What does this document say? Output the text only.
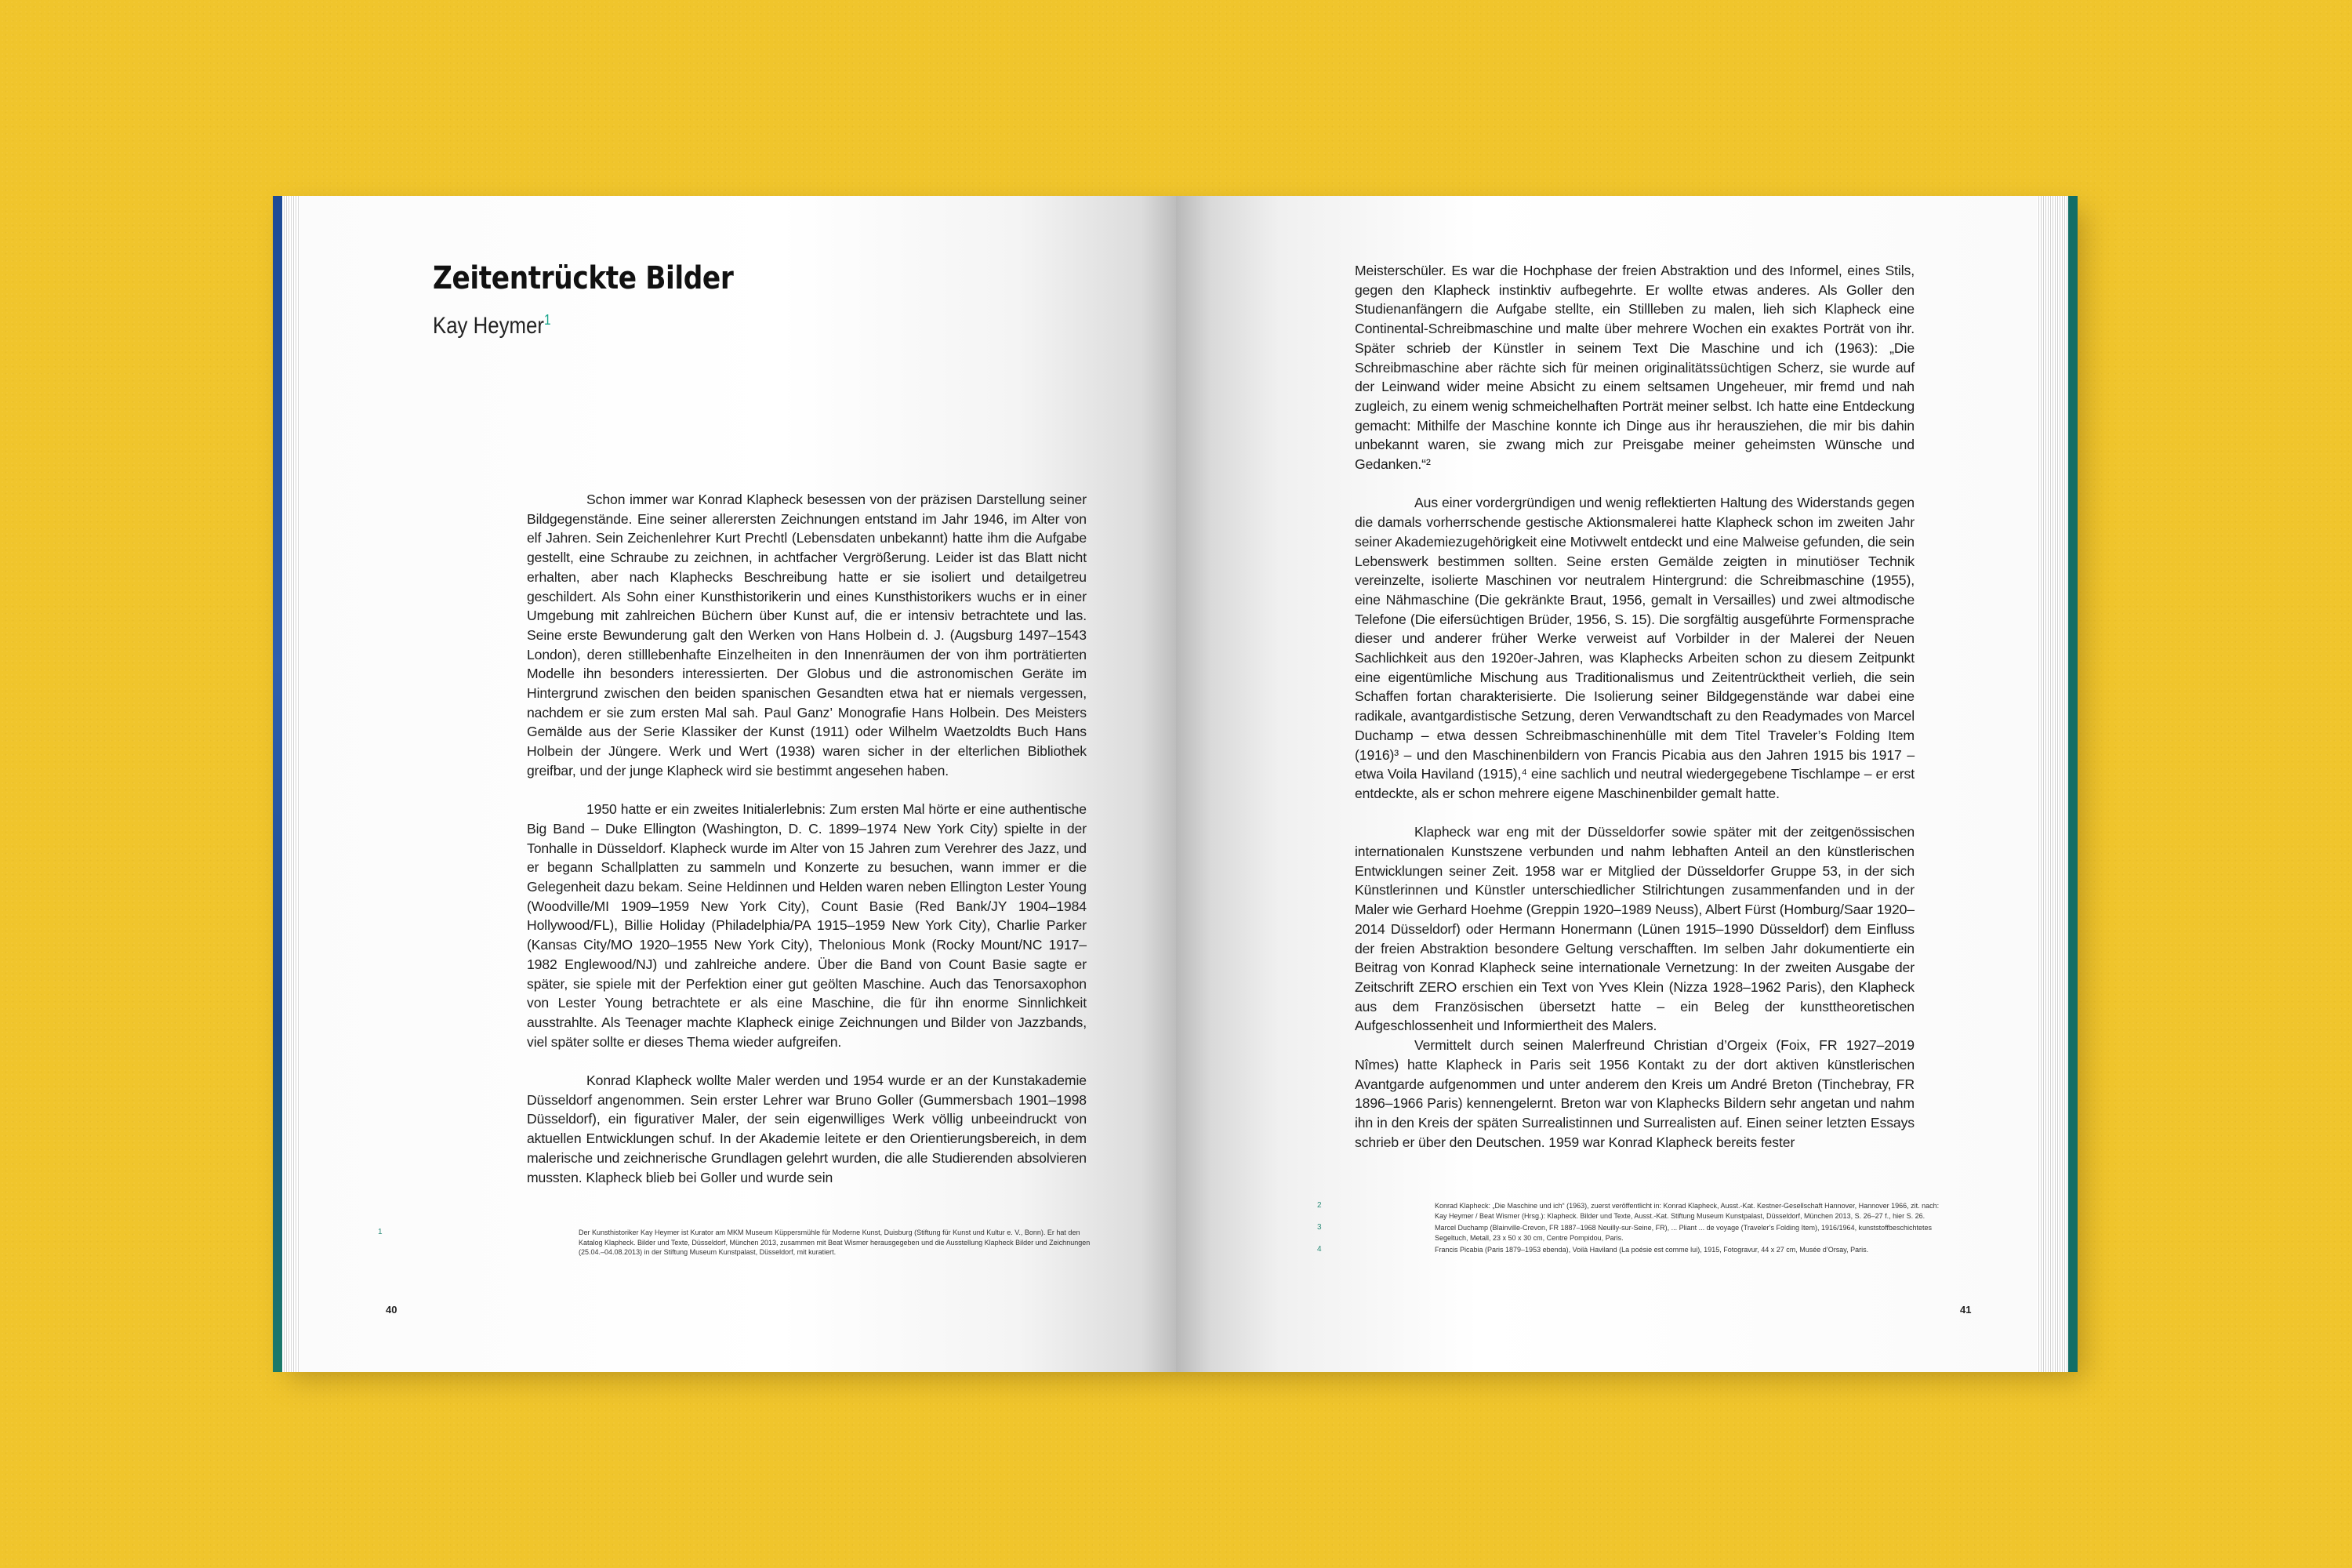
Zeitentrückte Bilder
Kay Heymer$^1$

Schon immer war Konrad Klapheck besessen von der präzisen Darstellung seiner Bildgegenstände. Eine seiner allerersten Zeichnungen entstand im Jahr 1946, im Alter von elf Jahren. Sein Zeichenlehrer Kurt Prechtl (Lebensdaten unbekannt) hatte ihm die Aufgabe gestellt, eine Schraube zu zeichnen, in achtfacher Vergrößerung. Leider ist das Blatt nicht erhalten, aber nach Klaphecks Beschreibung hatte er sie isoliert und detailgetreu geschildert. Als Sohn einer Kunsthistorikerin und eines Kunsthistorikers wuchs er in einer Umgebung mit zahlreichen Büchern über Kunst auf, die er intensiv betrachtete und las. Seine erste Bewunderung galt den Werken von Hans Holbein d. J. (Augsburg 1497–1543 London), deren stilllebenhafte Einzelheiten in den Innenräumen der von ihm porträtierten Modelle ihn besonders interessierten. Der Globus und die astronomischen Geräte im Hintergrund zwischen den beiden spanischen Gesandten etwa hat er niemals vergessen, nachdem er sie zum ersten Mal sah. Paul Ganz’ Monografie Hans Holbein. Des Meisters Gemälde aus der Serie Klassiker der Kunst (1911) oder Wilhelm Waetzoldts Buch Hans Holbein der Jüngere. Werk und Wert (1938) waren sicher in der elterlichen Bibliothek greifbar, und der junge Klapheck wird sie bestimmt angesehen haben.

1950 hatte er ein zweites Initialerlebnis: Zum ersten Mal hörte er eine authentische Big Band – Duke Ellington (Washington, D. C. 1899–1974 New York City) spielte in der Tonhalle in Düsseldorf. Klapheck wurde im Alter von 15 Jahren zum Verehrer des Jazz, und er begann Schallplatten zu sammeln und Konzerte zu besuchen, wann immer er die Gelegenheit dazu bekam. Seine Heldinnen und Helden waren neben Ellington Lester Young (Woodville/MI 1909–1959 New York City), Count Basie (Red Bank/JY 1904–1984 Hollywood/FL), Billie Holiday (Philadelphia/PA 1915–1959 New York City), Charlie Parker (Kansas City/MO 1920–1955 New York City), Thelonious Monk (Rocky Mount/NC 1917–1982 Englewood/NJ) und zahlreiche andere. Über die Band von Count Basie sagte er später, sie spiele mit der Perfektion einer gut geölten Maschine. Auch das Tenorsaxophon von Lester Young betrachtete er als eine Maschine, die für ihn enorme Sinnlichkeit ausstrahlte. Als Teenager machte Klapheck einige Zeichnungen und Bilder von Jazzbands, viel später sollte er dieses Thema wieder aufgreifen.

Konrad Klapheck wollte Maler werden und 1954 wurde er an der Kunstakademie Düsseldorf angenommen. Sein erster Lehrer war Bruno Goller (Gummersbach 1901–1998 Düsseldorf), ein figurativer Maler, der sein eigenwilliges Werk völlig unbeeindruckt von aktuellen Entwicklungen schuf. In der Akademie leitete er den Orientierungsbereich, in dem malerische und zeichnerische Grundlagen gelehrt wurden, die alle Studierenden absolvieren mussten. Klapheck blieb bei Goller und wurde sein

1	Der Kunsthistoriker Kay Heymer ist Kurator am MKM Museum Küppersmühle für Moderne Kunst, Duisburg (Stiftung für Kunst und Kultur e. V., Bonn). Er hat den Katalog Klapheck. Bilder und Texte, Düsseldorf, München 2013, zusammen mit Beat Wismer herausgegeben und die Ausstellung Klapheck Bilder und Zeichnungen (25.04.–04.08.2013) in der Stiftung Museum Kunstpalast, Düsseldorf, mit kuratiert.
40

Meisterschüler. Es war die Hochphase der freien Abstraktion und des Informel, eines Stils, gegen den Klapheck instinktiv aufbegehrte. Er wollte etwas anderes. Als Goller den Studienanfängern die Aufgabe stellte, ein Stillleben zu malen, lieh sich Klapheck eine Continental-Schreibmaschine und malte über mehrere Wochen ein exaktes Porträt von ihr. Später schrieb der Künstler in seinem Text Die Maschine und ich (1963): „Die Schreibmaschine aber rächte sich für meinen originalitätssüchtigen Scherz, sie wurde auf der Leinwand wider meine Absicht zu einem seltsamen Ungeheuer, mir fremd und nah zugleich, zu einem wenig schmeichelhaften Porträt meiner selbst. Ich hatte eine Entdeckung gemacht: Mithilfe der Maschine konnte ich Dinge aus ihr herausziehen, die mir bis dahin unbekannt waren, sie zwang mich zur Preisgabe meiner geheimsten Wünsche und Gedanken.“²

Aus einer vordergründigen und wenig reflektierten Haltung des Widerstands gegen die damals vorherrschende gestische Aktionsmalerei hatte Klapheck schon im zweiten Jahr seiner Akademiezugehörigkeit eine Motivwelt entdeckt und eine Malweise gefunden, die sein Lebenswerk bestimmen sollten. Seine ersten Gemälde zeigten in minutiöser Technik vereinzelte, isolierte Maschinen vor neutralem Hintergrund: die Schreibmaschine (1955), eine Nähmaschine (Die gekränkte Braut, 1956, gemalt in Versailles) und zwei altmodische Telefone (Die eifersüchtigen Brüder, 1956, S. 15). Die sorgfältig ausgeführte Formensprache dieser und anderer früher Werke verweist auf Vorbilder in der Malerei der Neuen Sachlichkeit aus den 1920er-Jahren, was Klaphecks Arbeiten schon zu diesem Zeitpunkt eine eigentümliche Mischung aus Traditionalismus und Zeitentrücktheit verlieh, die sein Schaffen fortan charakterisierte. Die Isolierung seiner Bildgegenstände war dabei eine radikale, avantgardistische Setzung, deren Verwandtschaft zu den Readymades von Marcel Duchamp – etwa dessen Schreibmaschinenhülle mit dem Titel Traveler’s Folding Item (1916)³ – und den Maschinenbildern von Francis Picabia aus den Jahren 1915 bis 1917 – etwa Voila Haviland (1915),⁴ eine sachlich und neutral wiedergegebene Tischlampe – er erst entdeckte, als er schon mehrere eigene Maschinenbilder gemalt hatte.

Klapheck war eng mit der Düsseldorfer sowie später mit der zeitgenössischen internationalen Kunstszene verbunden und nahm lebhaften Anteil an den künstlerischen Entwicklungen seiner Zeit. 1958 war er Mitglied der Düsseldorfer Gruppe 53, in der sich Künstlerinnen und Künstler unterschiedlicher Stilrichtungen zusammenfanden und in der Maler wie Gerhard Hoehme (Greppin 1920–1989 Neuss), Albert Fürst (Homburg/Saar 1920–2014 Düsseldorf) oder Hermann Honermann (Lünen 1915–1990 Düsseldorf) dem Einfluss der freien Abstraktion besondere Geltung verschafften. Im selben Jahr dokumentierte ein Beitrag von Konrad Klapheck seine internationale Vernetzung: In der zweiten Ausgabe der Zeitschrift ZERO erschien ein Text von Yves Klein (Nizza 1928–1962 Paris), den Klapheck aus dem Französischen übersetzt hatte – ein Beleg der kunsttheoretischen Aufgeschlossenheit und Informiertheit des Malers.

Vermittelt durch seinen Malerfreund Christian d’Orgeix (Foix, FR 1927–2019 Nîmes) hatte Klapheck in Paris seit 1956 Kontakt zu der dort aktiven künstlerischen Avantgarde aufgenommen und unter anderem den Kreis um André Breton (Tinchebray, FR 1896–1966 Paris) kennengelernt. Breton war von Klaphecks Bildern sehr angetan und nahm ihn in den Kreis der späten Surrealistinnen und Surrealisten auf. Einen seiner letzten Essays schrieb er über den Deutschen. 1959 war Konrad Klapheck bereits fester

2	Konrad Klapheck: „Die Maschine und ich“ (1963), zuerst veröffentlicht in: Konrad Klapheck, Ausst.-Kat. Kestner-Gesellschaft Hannover, Hannover 1966, zit. nach: Kay Heymer / Beat Wismer (Hrsg.): Klapheck. Bilder und Texte, Ausst.-Kat. Stiftung Museum Kunstpalast, Düsseldorf, München 2013, S. 26–27 f., hier S. 26.
3	Marcel Duchamp (Blainville-Crevon, FR 1887–1968 Neuilly-sur-Seine, FR), ... Pliant ... de voyage (Traveler’s Folding Item), 1916/1964, kunststoffbeschichtetes Segeltuch, Metall, 23 x 50 x 30 cm, Centre Pompidou, Paris.
4	Francis Picabia (Paris 1879–1953 ebenda), Voilà Haviland (La poésie est comme lui), 1915, Fotogravur, 44 x 27 cm, Musée d’Orsay, Paris.
41
